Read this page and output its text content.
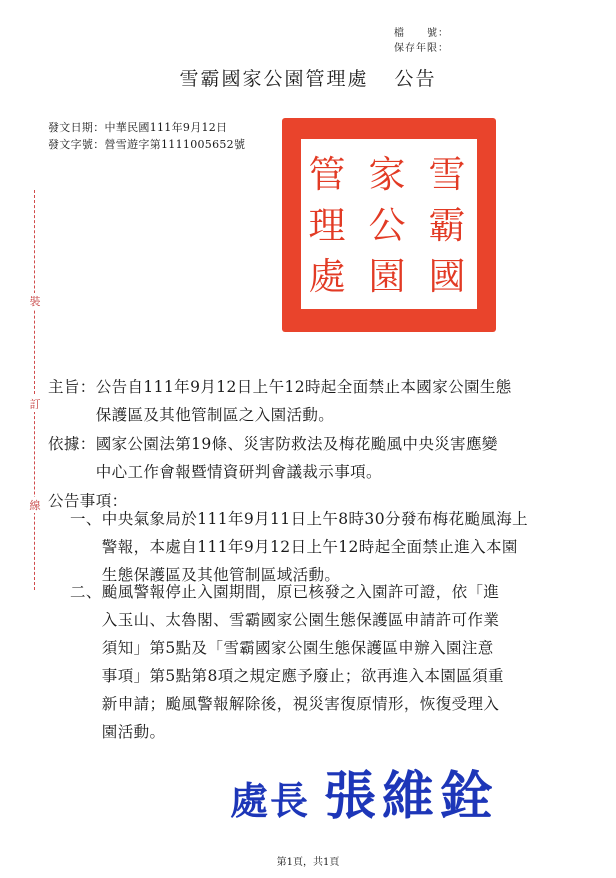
檔　　號：
保存年限：
雪霸國家公園管理處 公告
發文日期：中華民國111年9月12日
發文字號：營雪遊字第1111005652號
裝
訂
線
雪
霸
國
家
公
園
管
理
處
主旨：公告自111年9月12日上午12時起全面禁止本國家公園生態
　　　保護區及其他管制區之入園活動。
依據：國家公園法第19條、災害防救法及梅花颱風中央災害應變
　　　中心工作會報暨情資研判會議裁示事項。
公告事項：
一、中央氣象局於111年9月11日上午8時30分發布梅花颱風海上
　　警報，本處自111年9月12日上午12時起全面禁止進入本園
　　生態保護區及其他管制區域活動。
二、颱風警報停止入園期間，原已核發之入園許可證，依「進
　　入玉山、太魯閣、雪霸國家公園生態保護區申請許可作業
　　須知」第5點及「雪霸國家公園生態保護區申辦入園注意
　　事項」第5點第8項之規定應予廢止；欲再進入本園區須重
　　新申請；颱風警報解除後，視災害復原情形，恢復受理入
　　園活動。
處長 張維銓
第1頁，共1頁
